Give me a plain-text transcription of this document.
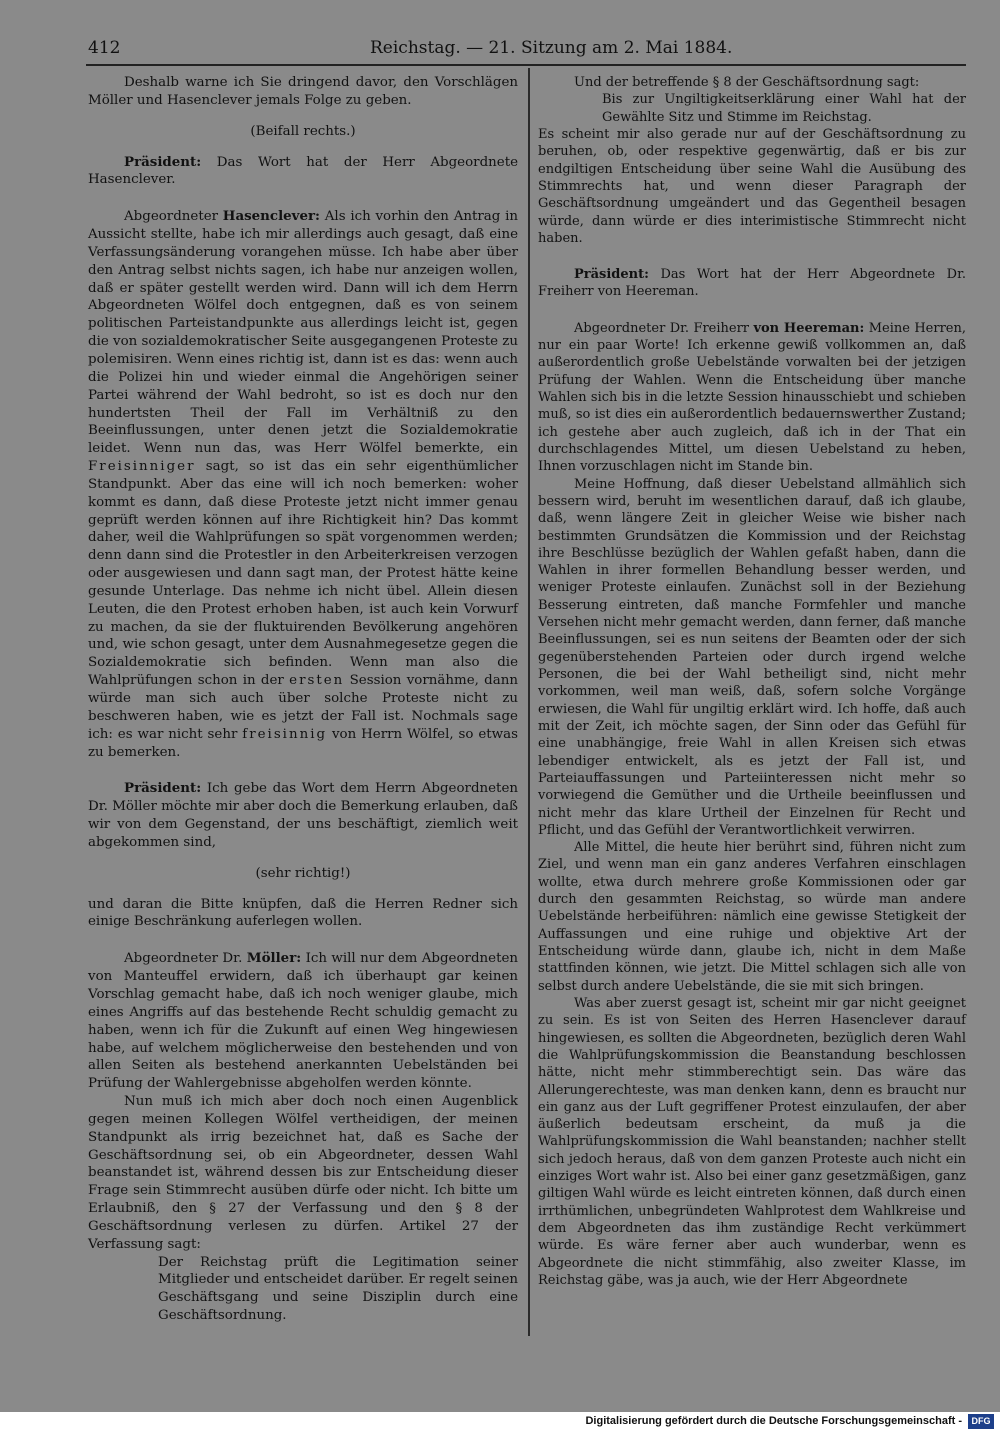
412	Reichstag. — 21. Sitzung am 2. Mai 1884.

Deshalb warne ich Sie dringend davor, den Vorschlägen Möller und Hasenclever jemals Folge zu geben.

(Beifall rechts.)

Präsident: Das Wort hat der Herr Abgeordnete Hasenclever.

Abgeordneter Hasenclever: Als ich vorhin den Antrag in Aussicht stellte, habe ich mir allerdings auch gesagt, daß eine Verfassungsänderung vorangehen müsse. Ich habe aber über den Antrag selbst nichts sagen, ich habe nur anzeigen wollen, daß er später gestellt werden wird. Dann will ich dem Herrn Abgeordneten Wölfel doch entgegnen, daß es von seinem politischen Parteistandpunkte aus allerdings leicht ist, gegen die von sozialdemokratischer Seite ausgegangenen Proteste zu polemisiren. Wenn eines richtig ist, dann ist es das: wenn auch die Polizei hin und wieder einmal die Angehörigen seiner Partei während der Wahl bedroht, so ist es doch nur den hundertsten Theil der Fall im Verhältniß zu den Beeinflussungen, unter denen jetzt die Sozialdemokratie leidet. Wenn nun das, was Herr Wölfel bemerkte, ein Freisinniger sagt, so ist das ein sehr eigenthümlicher Standpunkt. Aber das eine will ich noch bemerken: woher kommt es dann, daß diese Proteste jetzt nicht immer genau geprüft werden können auf ihre Richtigkeit hin? Das kommt daher, weil die Wahlprüfungen so spät vorgenommen werden; denn dann sind die Protestler in den Arbeiterkreisen verzogen oder ausgewiesen und dann sagt man, der Protest hätte keine gesunde Unterlage. Das nehme ich nicht übel. Allein diesen Leuten, die den Protest erhoben haben, ist auch kein Vorwurf zu machen, da sie der fluktuirenden Bevölkerung angehören und, wie schon gesagt, unter dem Ausnahmegesetze gegen die Sozialdemokratie sich befinden. Wenn man also die Wahlprüfungen schon in der ersten Session vornähme, dann würde man sich auch über solche Proteste nicht zu beschweren haben, wie es jetzt der Fall ist. Nochmals sage ich: es war nicht sehr freisinnig von Herrn Wölfel, so etwas zu bemerken.

Präsident: Ich gebe das Wort dem Herrn Abgeordneten Dr. Möller möchte mir aber doch die Bemerkung erlauben, daß wir von dem Gegenstand, der uns beschäftigt, ziemlich weit abgekommen sind,

(sehr richtig!)

und daran die Bitte knüpfen, daß die Herren Redner sich einige Beschränkung auferlegen wollen.

Abgeordneter Dr. Möller: Ich will nur dem Abgeordneten von Manteuffel erwidern, daß ich überhaupt gar keinen Vorschlag gemacht habe, daß ich noch weniger glaube, mich eines Angriffs auf das bestehende Recht schuldig gemacht zu haben, wenn ich für die Zukunft auf einen Weg hingewiesen habe, auf welchem möglicherweise den bestehenden und von allen Seiten als bestehend anerkannten Uebelständen bei Prüfung der Wahlergebnisse abgeholfen werden könnte.

Nun muß ich mich aber doch noch einen Augenblick gegen meinen Kollegen Wölfel vertheidigen, der meinen Standpunkt als irrig bezeichnet hat, daß es Sache der Geschäftsordnung sei, ob ein Abgeordneter, dessen Wahl beanstandet ist, während dessen bis zur Entscheidung dieser Frage sein Stimmrecht ausüben dürfe oder nicht. Ich bitte um Erlaubniß, den § 27 der Verfassung und den § 8 der Geschäftsordnung verlesen zu dürfen. Artikel 27 der Verfassung sagt:

Der Reichstag prüft die Legitimation seiner Mitglieder und entscheidet darüber. Er regelt seinen Geschäftsgang und seine Disziplin durch eine Geschäftsordnung.

Und der betreffende § 8 der Geschäftsordnung sagt:

Bis zur Ungiltigkeitserklärung einer Wahl hat der Gewählte Sitz und Stimme im Reichstag.

Es scheint mir also gerade nur auf der Geschäftsordnung zu beruhen, ob, oder respektive gegenwärtig, daß er bis zur endgiltigen Entscheidung über seine Wahl die Ausübung des Stimmrechts hat, und wenn dieser Paragraph der Geschäftsordnung umgeändert und das Gegentheil besagen würde, dann würde er dies interimistische Stimmrecht nicht haben.

Präsident: Das Wort hat der Herr Abgeordnete Dr. Freiherr von Heereman.

Abgeordneter Dr. Freiherr von Heereman: Meine Herren, nur ein paar Worte! Ich erkenne gewiß vollkommen an, daß außerordentlich große Uebelstände vorwalten bei der jetzigen Prüfung der Wahlen. Wenn die Entscheidung über manche Wahlen sich bis in die letzte Session hinausschiebt und schieben muß, so ist dies ein außerordentlich bedauernswerther Zustand; ich gestehe aber auch zugleich, daß ich in der That ein durchschlagendes Mittel, um diesen Uebelstand zu heben, Ihnen vorzuschlagen nicht im Stande bin.

Meine Hoffnung, daß dieser Uebelstand allmählich sich bessern wird, beruht im wesentlichen darauf, daß ich glaube, daß, wenn längere Zeit in gleicher Weise wie bisher nach bestimmten Grundsätzen die Kommission und der Reichstag ihre Beschlüsse bezüglich der Wahlen gefaßt haben, dann die Wahlen in ihrer formellen Behandlung besser werden, und weniger Proteste einlaufen. Zunächst soll in der Beziehung Besserung eintreten, daß manche Formfehler und manche Versehen nicht mehr gemacht werden, dann ferner, daß manche Beeinflussungen, sei es nun seitens der Beamten oder der sich gegenüberstehenden Parteien oder durch irgend welche Personen, die bei der Wahl betheiligt sind, nicht mehr vorkommen, weil man weiß, daß, sofern solche Vorgänge erwiesen, die Wahl für ungiltig erklärt wird. Ich hoffe, daß auch mit der Zeit, ich möchte sagen, der Sinn oder das Gefühl für eine unabhängige, freie Wahl in allen Kreisen sich etwas lebendiger entwickelt, als es jetzt der Fall ist, und Parteiauffassungen und Parteiinteressen nicht mehr so vorwiegend die Gemüther und die Urtheile beeinflussen und nicht mehr das klare Urtheil der Einzelnen für Recht und Pflicht, und das Gefühl der Verantwortlichkeit verwirren.

Alle Mittel, die heute hier berührt sind, führen nicht zum Ziel, und wenn man ein ganz anderes Verfahren einschlagen wollte, etwa durch mehrere große Kommissionen oder gar durch den gesammten Reichstag, so würde man andere Uebelstände herbeiführen: nämlich eine gewisse Stetigkeit der Auffassungen und eine ruhige und objektive Art der Entscheidung würde dann, glaube ich, nicht in dem Maße stattfinden können, wie jetzt. Die Mittel schlagen sich alle von selbst durch andere Uebelstände, die sie mit sich bringen.

Was aber zuerst gesagt ist, scheint mir gar nicht geeignet zu sein. Es ist von Seiten des Herren Hasenclever darauf hingewiesen, es sollten die Abgeordneten, bezüglich deren Wahl die Wahlprüfungskommission die Beanstandung beschlossen hätte, nicht mehr stimmberechtigt sein. Das wäre das Allerungerechteste, was man denken kann, denn es braucht nur ein ganz aus der Luft gegriffener Protest einzulaufen, der aber äußerlich bedeutsam erscheint, da muß ja die Wahlprüfungskommission die Wahl beanstanden; nachher stellt sich jedoch heraus, daß von dem ganzen Proteste auch nicht ein einziges Wort wahr ist. Also bei einer ganz gesetzmäßigen, ganz giltigen Wahl würde es leicht eintreten können, daß durch einen irrthümlichen, unbegründeten Wahlprotest dem Wahlkreise und dem Abgeordneten das ihm zuständige Recht verkümmert würde. Es wäre ferner aber auch wunderbar, wenn es Abgeordnete die nicht stimmfähig, also zweiter Klasse, im Reichstag gäbe, was ja auch, wie der Herr Abgeordnete

Digitalisierung gefördert durch die Deutsche Forschungsgemeinschaft -	DFG
